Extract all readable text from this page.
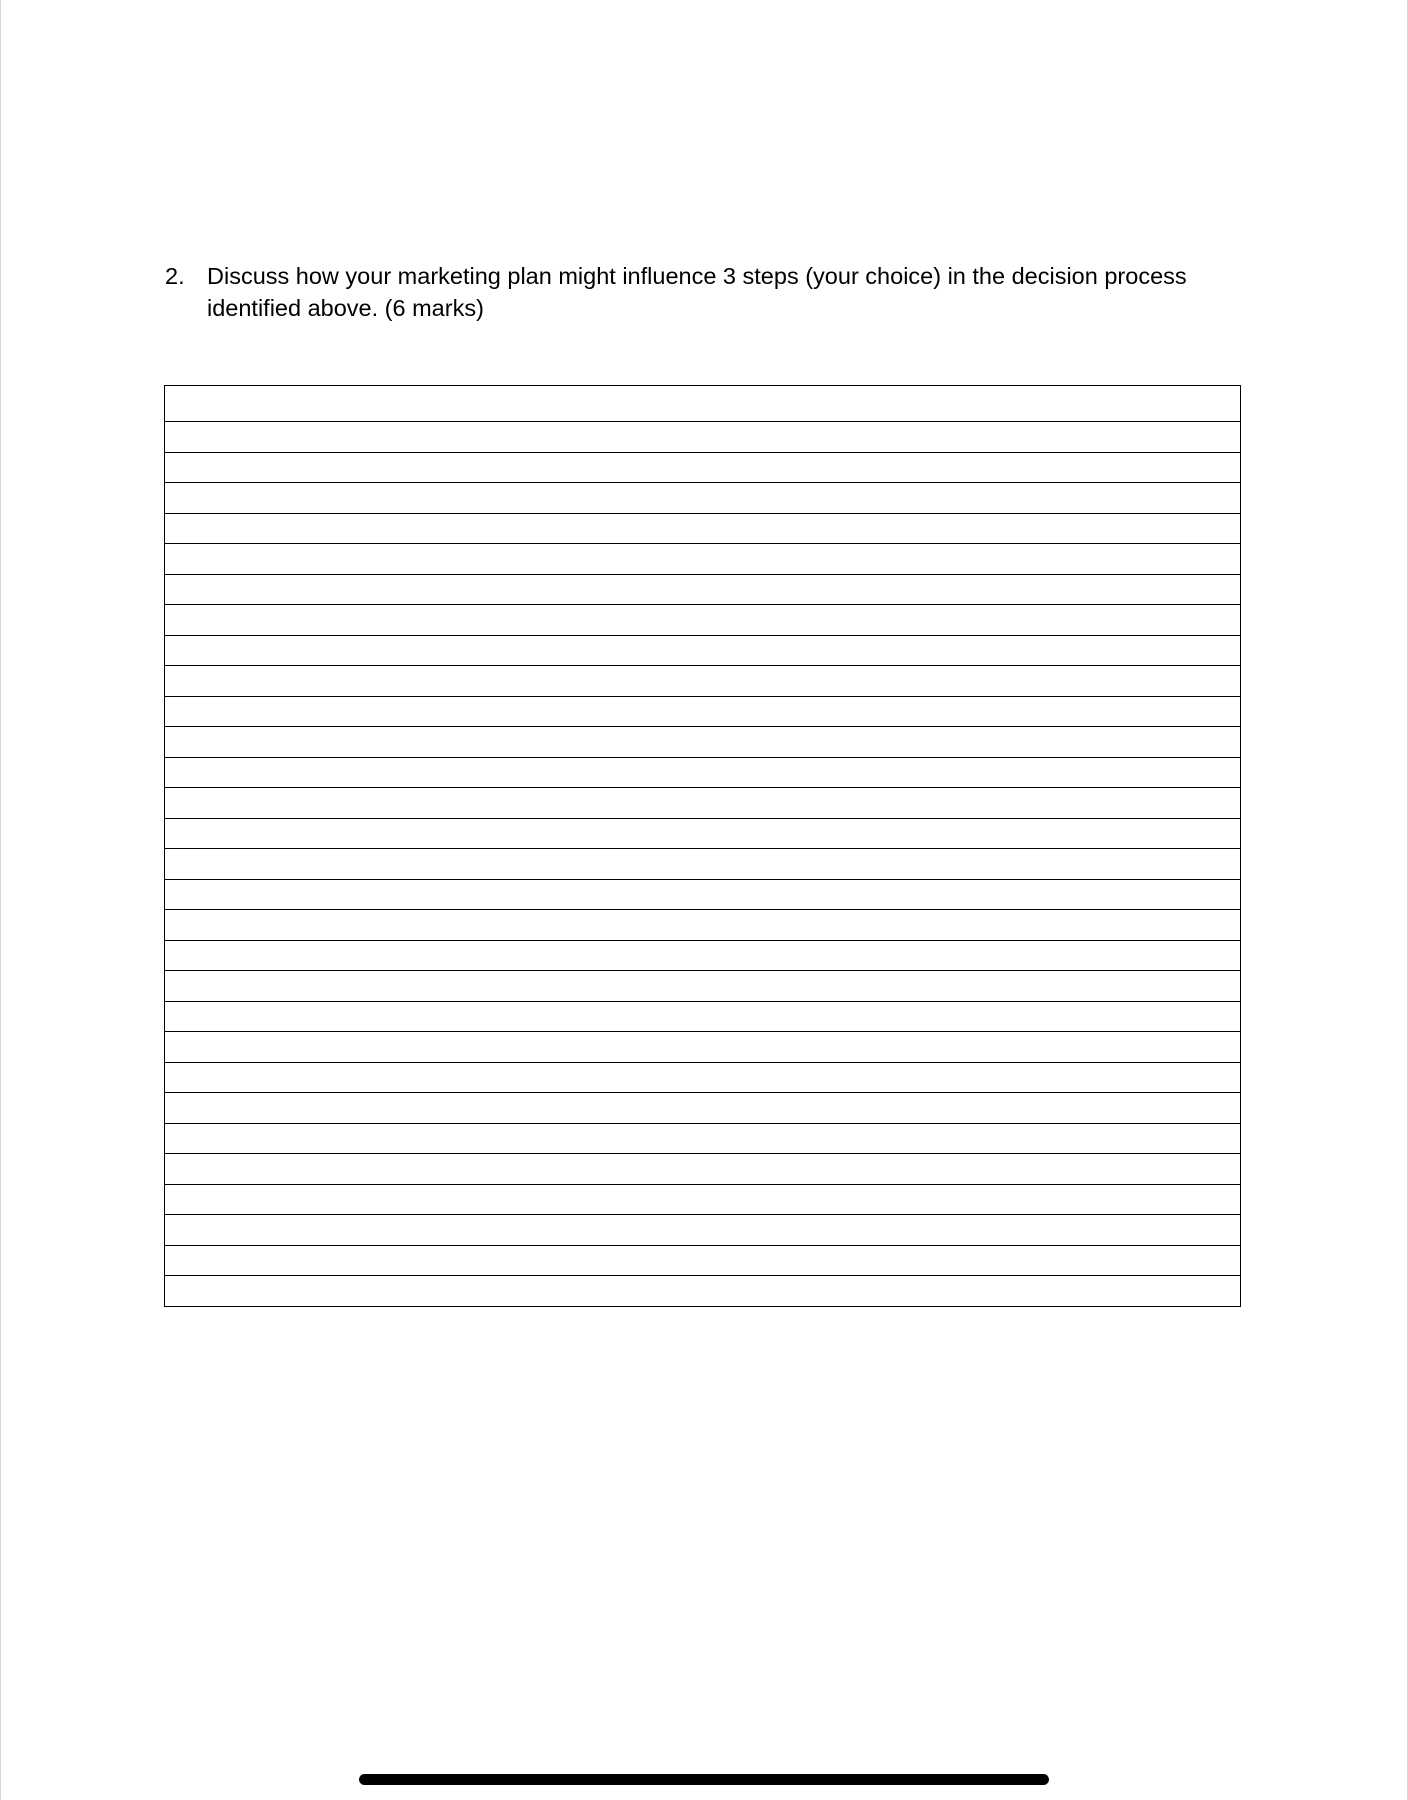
2. Discuss how your marketing plan might influence 3 steps (your choice) in the decision process identified above. (6 marks)
